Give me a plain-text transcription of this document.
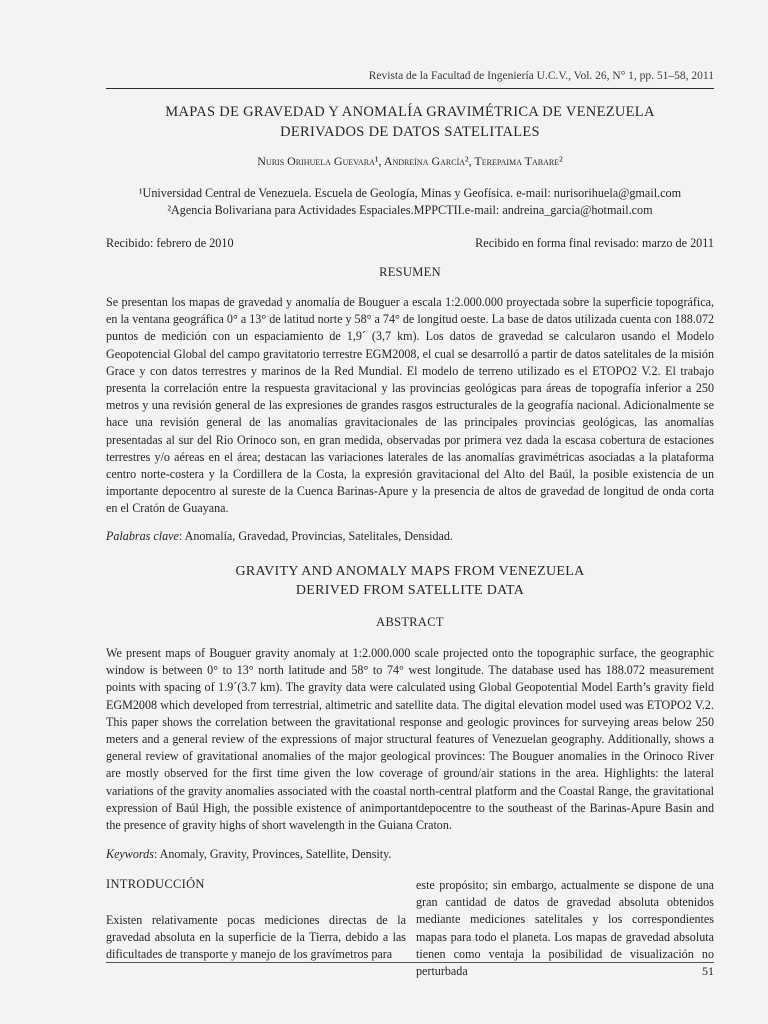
Revista de la Facultad de Ingeniería U.C.V., Vol. 26, N° 1, pp. 51–58, 2011
MAPAS DE GRAVEDAD Y ANOMALÍA GRAVIMÉTRICA DE VENEZUELA
DERIVADOS DE DATOS SATELITALES
Nuris Orihuela Guevara¹, Andreína García², Terepaima Tabare²
¹Universidad Central de Venezuela. Escuela de Geología, Minas y Geofísica. e-mail: nurisorihuela@gmail.com
²Agencia Bolivariana para Actividades Espaciales.MPPCTII.e-mail: andreina_garcia@hotmail.com
Recibido: febrero de 2010	Recibido en forma final revisado: marzo de 2011
RESUMEN
Se presentan los mapas de gravedad y anomalía de Bouguer a escala 1:2.000.000 proyectada sobre la superficie topográfica, en la ventana geográfica 0° a 13° de latitud norte y 58° a 74° de longitud oeste. La base de datos utilizada cuenta con 188.072 puntos de medición con un espaciamiento de 1,9´ (3,7 km). Los datos de gravedad se calcularon usando el Modelo Geopotencial Global del campo gravitatorio terrestre EGM2008, el cual se desarrolló a partir de datos satelitales de la misión Grace y con datos terrestres y marinos de la Red Mundial. El modelo de terreno utilizado es el ETOPO2 V.2. El trabajo presenta la correlación entre la respuesta gravitacional y las provincias geológicas para áreas de topografía inferior a 250 metros y una revisión general de las expresiones de grandes rasgos estructurales de la geografía nacional. Adicionalmente se hace una revisión general de las anomalías gravitacionales de las principales provincias geológicas, las anomalías presentadas al sur del Rio Orinoco son, en gran medida, observadas por primera vez dada la escasa cobertura de estaciones terrestres y/o aéreas en el área; destacan las variaciones laterales de las anomalías gravimétricas asociadas a la plataforma centro norte-costera y la Cordillera de la Costa, la expresión gravitacional del Alto del Baúl, la posible existencia de un importante depocentro al sureste de la Cuenca Barinas-Apure y la presencia de altos de gravedad de longitud de onda corta en el Cratón de Guayana.
Palabras clave: Anomalía, Gravedad, Provincias, Satelitales, Densidad.
GRAVITY AND ANOMALY MAPS FROM VENEZUELA
DERIVED FROM SATELLITE DATA
ABSTRACT
We present maps of Bouguer gravity anomaly at 1:2.000.000 scale projected onto the topographic surface, the geographic window is between 0° to 13° north latitude and 58° to 74° west longitude. The database used has 188.072 measurement points with spacing of 1.9´(3.7 km). The gravity data were calculated using Global Geopotential Model Earth’s gravity field EGM2008 which developed from terrestrial, altimetric and satellite data. The digital elevation model used was ETOPO2 V.2. This paper shows the correlation between the gravitational response and geologic provinces for surveying areas below 250 meters and a general review of the expressions of major structural features of Venezuelan geography. Additionally, shows a general review of gravitational anomalies of the major geological provinces: The Bouguer anomalies in the Orinoco River are mostly observed for the first time given the low coverage of ground/air stations in the area. Highlights: the lateral variations of the gravity anomalies associated with the coastal north-central platform and the Coastal Range, the gravitational expression of Baúl High, the possible existence of animportantdepocentre to the southeast of the Barinas-Apure Basin and the presence of gravity highs of short wavelength in the Guiana Craton.
Keywords: Anomaly, Gravity, Provinces, Satellite, Density.
INTRODUCCIÓN
Existen relativamente pocas mediciones directas de la gravedad absoluta en la superficie de la Tierra, debido a las dificultades de transporte y manejo de los gravímetros para
este propósito; sin embargo, actualmente se dispone de una gran cantidad de datos de gravedad absoluta obtenidos mediante mediciones satelitales y los correspondientes mapas para todo el planeta. Los mapas de gravedad absoluta tienen como ventaja la posibilidad de visualización no perturbada	51
